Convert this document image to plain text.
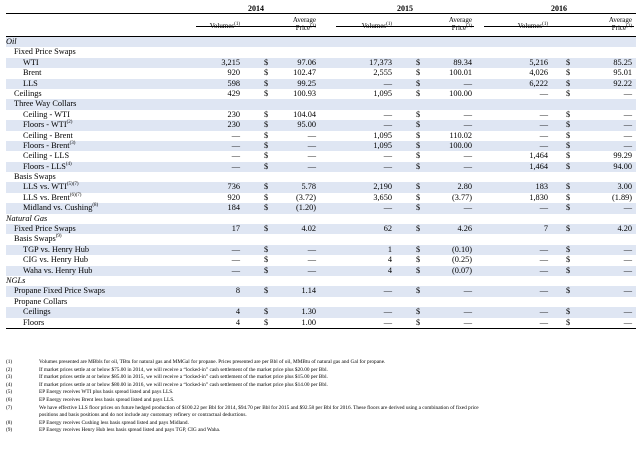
2014	2015	2016
Volumes$^{(1)}$
Average
Price$^{(1)}$	Volumes$^{(1)}$
Average
Price$^{(1)}$	Volumes$^{(1)}$
Average
Price$^{(1)}$
Oil
Fixed Price Swaps
WTI	3,215	$	97.06	17,373	$	89.34	5,216 $	85.25
Brent	920	$	102.47	2,555	$	100.01	4,026 $	95.01
LLS	598	$	99.25	—	$	—	6,222 $	92.22
Ceilings	429	$	100.93	1,095	$	100.00	— $	—
Three Way Collars
Ceiling - WTI	230	$	104.04	—	$	—	— $	—
Floors - WTI$^{(2)}$	230	$	95.00	—	$	—	— $	—
Ceiling - Brent	—	$	—	1,095	$	110.02	— $	—
Floors - Brent$^{(3)}$	—	$	—	1,095	$	100.00	— $	—
Ceiling - LLS	—	$	—	—	$	—	1,464 $	99.29
Floors - LLS$^{(4)}$	—	$	—	—	$	—	1,464 $	94.00
Basis Swaps
LLS vs. $WTI^{(5)(7)}$	736	$	5.78	2,190	$	2.80	183 $	3.00
LLS vs. Brent$^{(6)(7)}$	920	$	(3.72)	3,650	$	(3.77)	1,830 $	(1.89)
Midland vs. Cushing$^{(8)}$	184	$	(1.20)	—	$	—	— $	—
Natural Gas
Fixed Price Swaps	17	$	4.02	62	$	4.26	7 $	4.20
Basis Swaps$^{(9)}$
TGP vs. Henry Hub	—	$	—	1	$	(0.10)	— $	—
CIG vs. Henry Hub	—	$	—	4	$	(0.25)	— $	—
Waha vs. Henry Hub	—	$	—	4	$	(0.07)	— $	—
NGLs
Propane Fixed Price Swaps	8	$	1.14	—	$	—	— $	—
Propane Collars
Ceilings	4	$	1.30	—	$	—	— $	—
Floors	4	$	1.00	—	$	—	— $	—
(1)	Volumes presented are MBbls for oil, TBtu for natural gas and MMGal for propane. Prices presented are per Bbl of oil, MMBtu of natural gas and Gal for propane.
(2)	If market prices settle at or below $75.00 in 2014, we will receive a “locked-in” cash settlement of the market price plus $20.00 per Bbl.
(3)	If market prices settle at or below $85.00 in 2015, we will receive a “locked-in” cash settlement of the market price plus $15.00 per Bbl.
(4)	If market prices settle at or below $80.00 in 2016, we will receive a “locked-in” cash settlement of the market price plus $14.00 per Bbl.
(5)	EP Energy receives WTI plus basis spread listed and pays LLS.
(6)	EP Energy receives Brent less basis spread listed and pays LLS.
(7)	We have effective LLS floor prices on future hedged production of $100.22 per Bbl for 2014, $94.70 per Bbl for 2015 and $92.58 per Bbl for 2016. These floors are derived using a combination of fixed price
positions and basis positions and do not include any customary refinery or contractual deductions.
(8)	EP Energy receives Cushing less basis spread listed and pays Midland.
(9)	EP Energy receives Henry Hub less basis spread listed and pays TGP, CIG and Waha.
